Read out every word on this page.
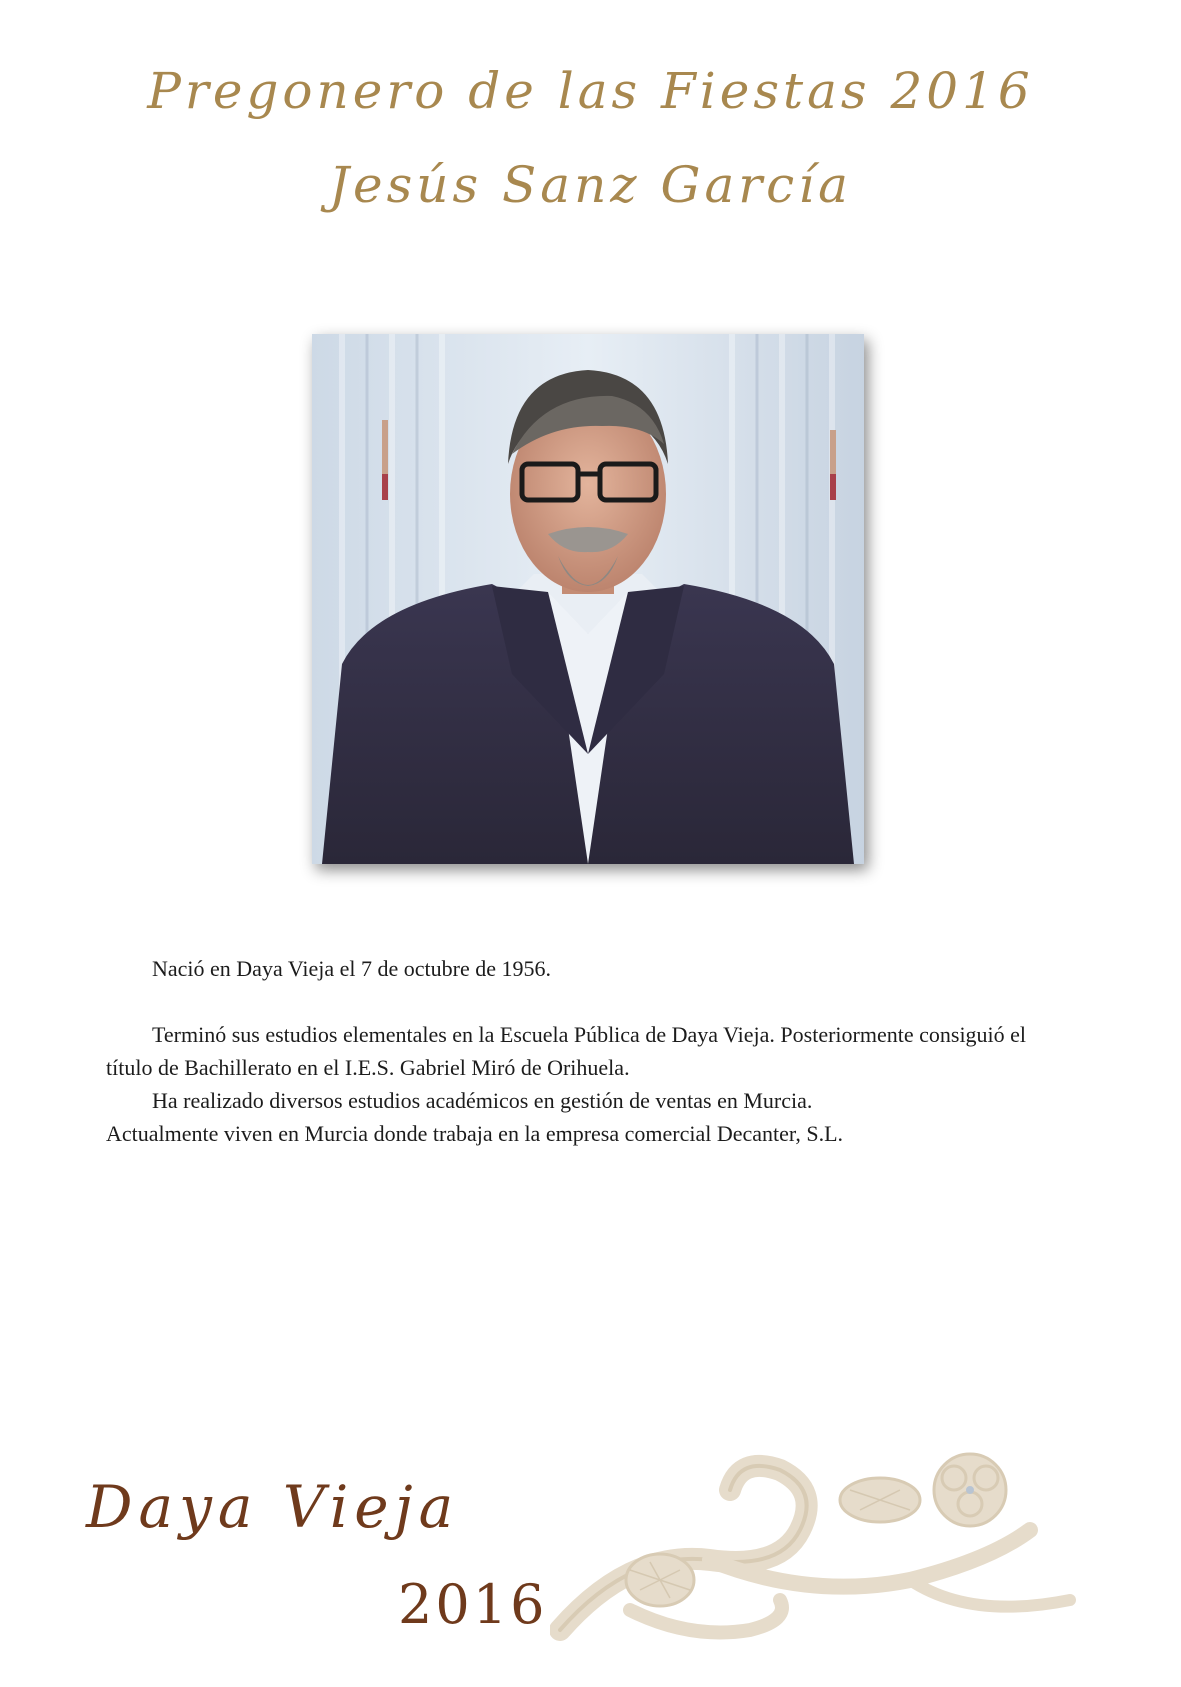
Pregonero de las Fiestas 2016
Jesús Sanz García

Nació en Daya Vieja el 7 de octubre de 1956.

Terminó sus estudios elementales en la Escuela Pública de Daya Vieja. Posteriormente consiguió el título de Bachillerato en el I.E.S. Gabriel Miró de Orihuela.

Ha realizado diversos estudios académicos en gestión de ventas en Murcia.

Actualmente viven en Murcia donde trabaja en la empresa comercial Decanter, S.L.

Daya Vieja
2016
